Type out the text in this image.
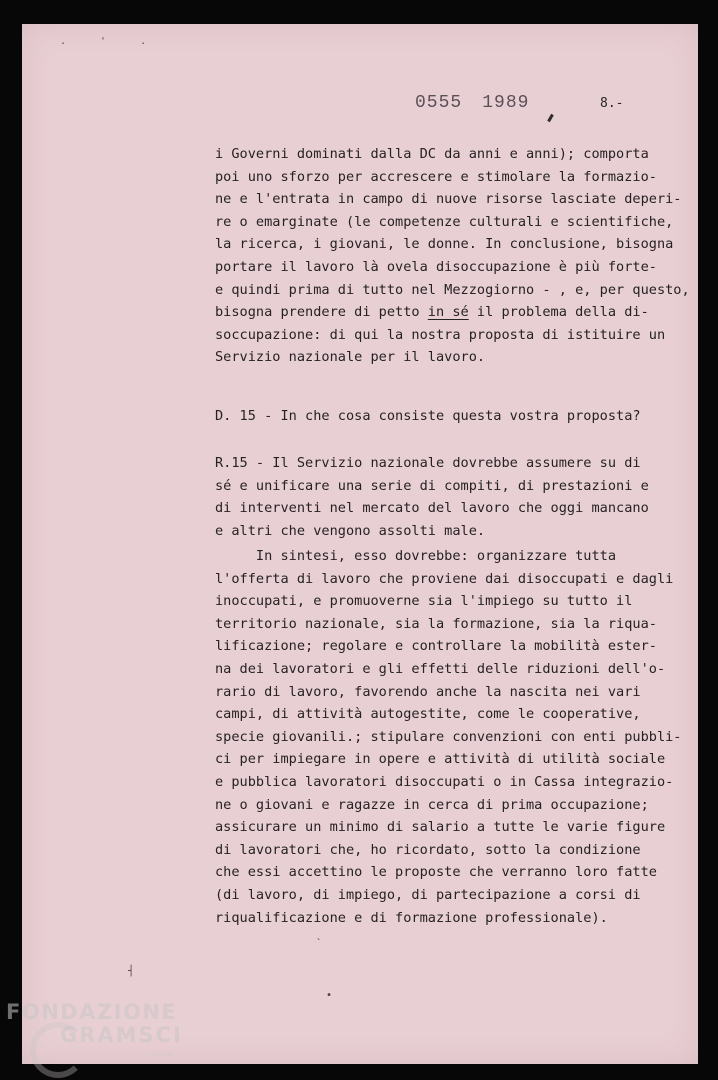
. ' .
0555 1989	8.-
i Governi dominati dalla DC da anni e anni); comporta
poi uno sforzo per accrescere e stimolare la formazio-
ne e l'entrata in campo di nuove risorse lasciate deperi-
re o emarginate (le competenze culturali e scientifiche,
la ricerca, i giovani, le donne. In conclusione, bisogna
portare il lavoro là ovela disoccupazione è più forte-
e quindi prima di tutto nel Mezzogiorno - , e, per questo,
bisogna prendere di petto in sé il problema della di-
soccupazione: di qui la nostra proposta di istituire un
Servizio nazionale per il lavoro.
D. 15 - In che cosa consiste questa vostra proposta?
R.15 - Il Servizio nazionale dovrebbe assumere su di
sé e unificare una serie di compiti, di prestazioni e
di interventi nel mercato del lavoro che oggi mancano
e altri che vengono assolti male.
In sintesi, esso dovrebbe: organizzare tutta
l'offerta di lavoro che proviene dai disoccupati e dagli
inoccupati, e promuoverne sia l'impiego su tutto il
territorio nazionale, sia la formazione, sia la riqua-
lificazione; regolare e controllare la mobilità ester-
na dei lavoratori e gli effetti delle riduzioni dell'o-
rario di lavoro, favorendo anche la nascita nei vari
campi, di attività autogestite, come le cooperative,
specie giovanili.; stipulare convenzioni con enti pubbli-
ci per impiegare in opere e attività di utilità sociale
e pubblica lavoratori disoccupati o in Cassa integrazio-
ne o giovani e ragazze in cerca di prima occupazione;
assicurare un minimo di salario a tutte le varie figure
di lavoratori che, ho ricordato, sotto la condizione
che essi accettino le proposte che verranno loro fatte
(di lavoro, di impiego, di partecipazione a corsi di
riqualificazione e di formazione professionale).
┤
•
`
FONDAZIONE
GRAMSCI
onlus
